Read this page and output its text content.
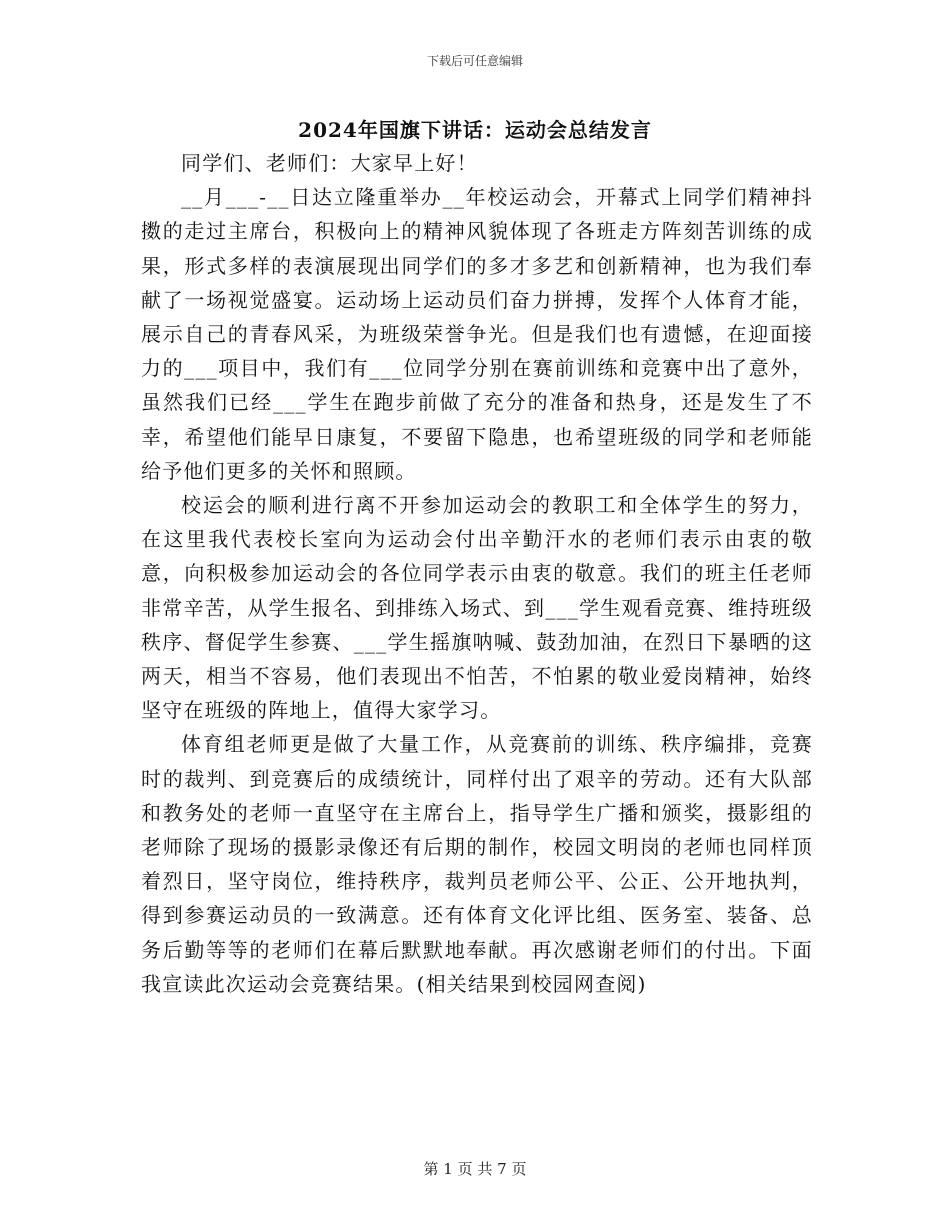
下载后可任意编辑
2024年国旗下讲话：运动会总结发言

同学们、老师们：大家早上好！

__月___-__日达立隆重举办__年校运动会，开幕式上同学们精神抖擞的走过主席台，积极向上的精神风貌体现了各班走方阵刻苦训练的成果，形式多样的表演展现出同学们的多才多艺和创新精神，也为我们奉献了一场视觉盛宴。运动场上运动员们奋力拼搏，发挥个人体育才能，展示自己的青春风采，为班级荣誉争光。但是我们也有遗憾，在迎面接力的___项目中，我们有___位同学分别在赛前训练和竞赛中出了意外，虽然我们已经___学生在跑步前做了充分的准备和热身，还是发生了不幸，希望他们能早日康复，不要留下隐患，也希望班级的同学和老师能给予他们更多的关怀和照顾。

校运会的顺利进行离不开参加运动会的教职工和全体学生的努力，在这里我代表校长室向为运动会付出辛勤汗水的老师们表示由衷的敬意，向积极参加运动会的各位同学表示由衷的敬意。我们的班主任老师非常辛苦，从学生报名、到排练入场式、到___学生观看竞赛、维持班级秩序、督促学生参赛、___学生摇旗呐喊、鼓劲加油，在烈日下暴晒的这两天，相当不容易，他们表现出不怕苦，不怕累的敬业爱岗精神，始终坚守在班级的阵地上，值得大家学习。

体育组老师更是做了大量工作，从竞赛前的训练、秩序编排，竞赛时的裁判、到竞赛后的成绩统计，同样付出了艰辛的劳动。还有大队部和教务处的老师一直坚守在主席台上，指导学生广播和颁奖，摄影组的老师除了现场的摄影录像还有后期的制作，校园文明岗的老师也同样顶着烈日，坚守岗位，维持秩序，裁判员老师公平、公正、公开地执判，得到参赛运动员的一致满意。还有体育文化评比组、医务室、装备、总务后勤等等的老师们在幕后默默地奉献。再次感谢老师们的付出。下面我宣读此次运动会竞赛结果。(相关结果到校园网查阅)

第 1 页 共 7 页
